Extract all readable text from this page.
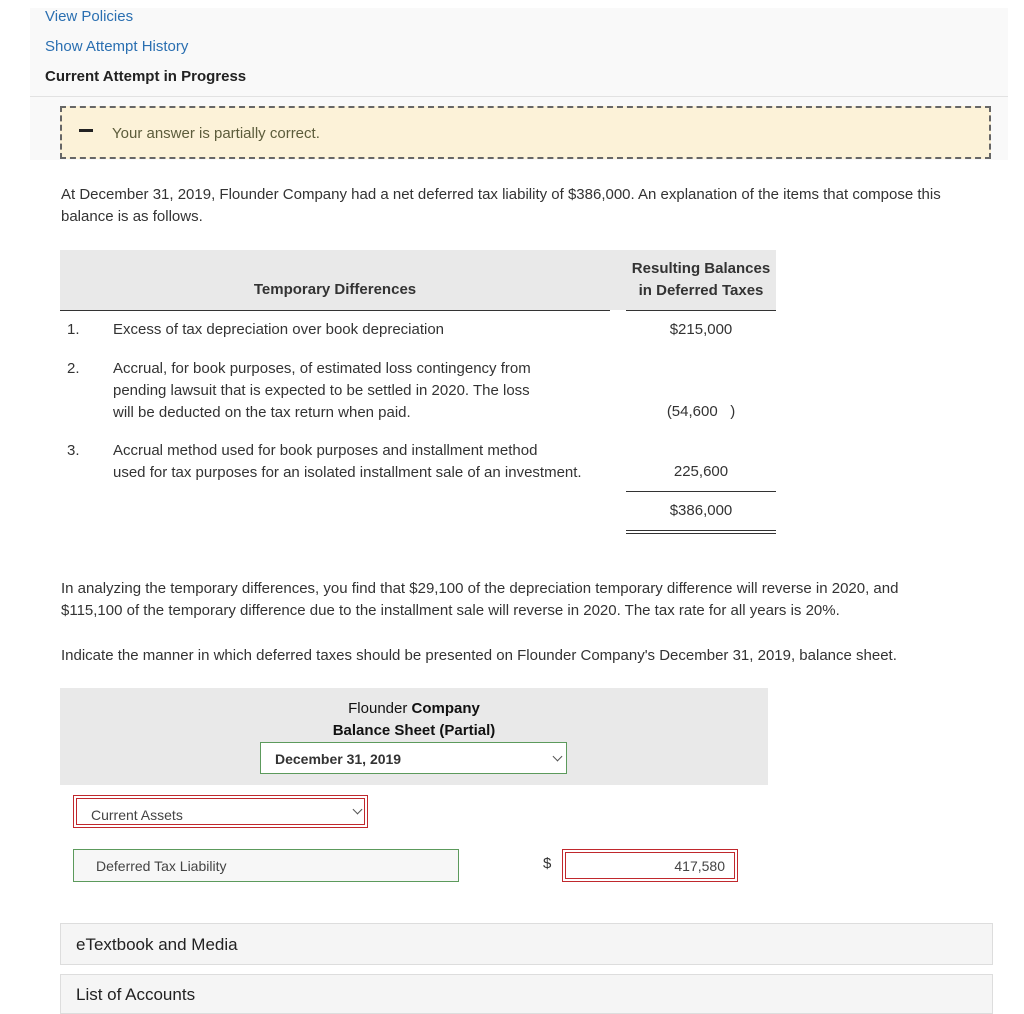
View Policies
Show Attempt History
Current Attempt in Progress
Your answer is partially correct.
At December 31, 2019, Flounder Company had a net deferred tax liability of $386,000. An explanation of the items that compose this
balance is as follows.
Temporary Differences
Resulting Balances
in Deferred Taxes
1. Excess of tax depreciation over book depreciation	$215,000
2. Accrual, for book purposes, of estimated loss contingency from
pending lawsuit that is expected to be settled in 2020. The loss
will be deducted on the tax return when paid.	(54,600   )
3. Accrual method used for book purposes and installment method
used for tax purposes for an isolated installment sale of an investment.	225,600
$386,000
In analyzing the temporary differences, you find that $29,100 of the depreciation temporary difference will reverse in 2020, and
$115,100 of the temporary difference due to the installment sale will reverse in 2020. The tax rate for all years is 20%.
Indicate the manner in which deferred taxes should be presented on Flounder Company's December 31, 2019, balance sheet.
Flounder Company
Balance Sheet (Partial)
December 31, 2019
Current Assets
Deferred Tax Liability	$	417,580
eTextbook and Media
List of Accounts
